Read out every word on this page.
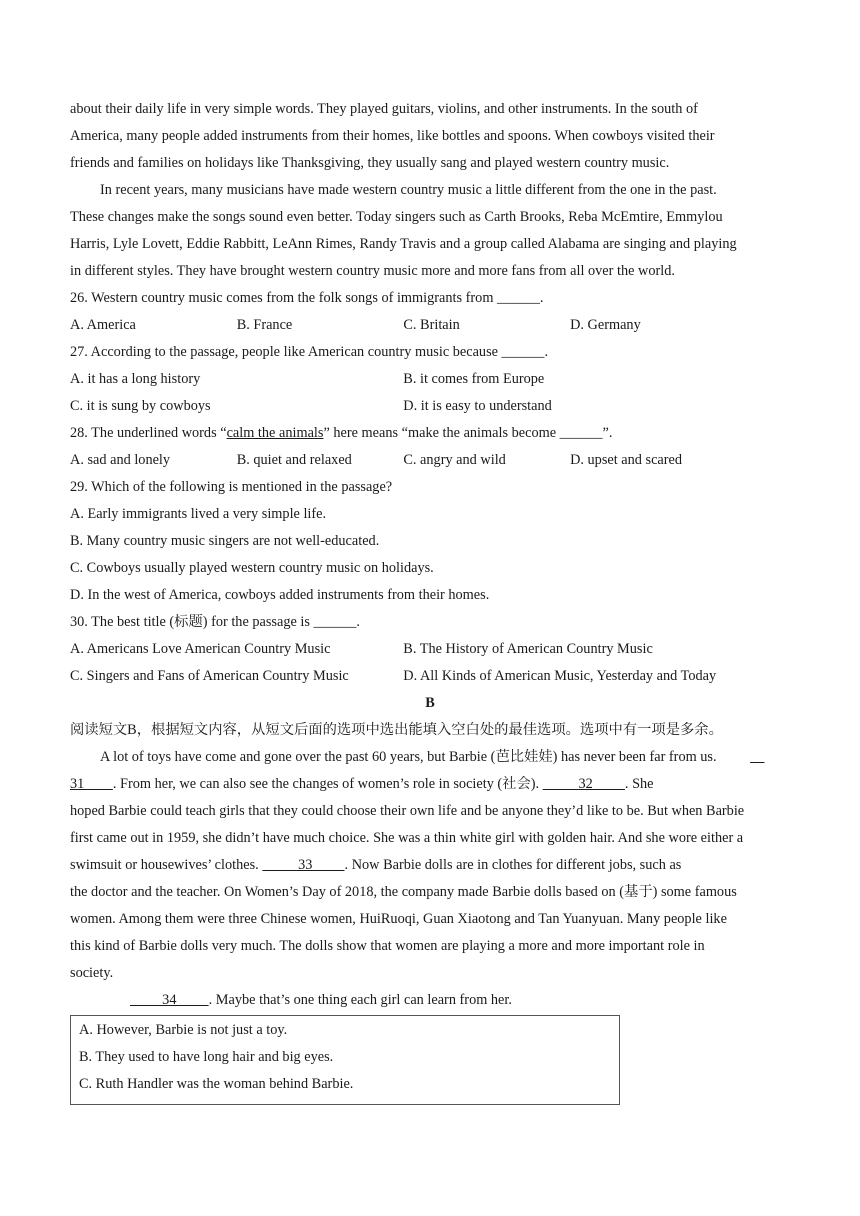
about their daily life in very simple words. They played guitars, violins, and other instruments. In the south of

America, many people added instruments from their homes, like bottles and spoons. When cowboys visited their

friends and families on holidays like Thanksgiving, they usually sang and played western country music.

In recent years, many musicians have made western country music a little different from the one in the past.

These changes make the songs sound even better. Today singers such as Carth Brooks, Reba McEmtire, Emmylou

Harris, Lyle Lovett, Eddie Rabbitt, LeAnn Rimes, Randy Travis and a group called Alabama are singing and playing

in different styles. They have brought western country music more and more fans from all over the world.

26. Western country music comes from the folk songs of immigrants from ______.

A. America	B. France	C. Britain	D. Germany

27. According to the passage, people like American country music because ______.

A. it has a long history	B. it comes from Europe
C. it is sung by cowboys	D. it is easy to understand

28. The underlined words “calm the animals” here means “make the animals become ______”.

A. sad and lonely	B. quiet and relaxed	C. angry and wild	D. upset and scared

29. Which of the following is mentioned in the passage?

A. Early immigrants lived a very simple life.

B. Many country music singers are not well-educated.

C. Cowboys usually played western country music on holidays.

D. In the west of America, cowboys added instruments from their homes.

30. The best title (标题) for the passage is ______.

A. Americans Love American Country Music	B. The History of American Country Music
C. Singers and Fans of American Country Music	D. All Kinds of American Music, Yesterday and Today
B

阅读短文B，根据短文内容，从短文后面的选项中选出能填入空白处的最佳选项。选项中有一项是多余。

A lot of toys have come and gone over the past 60 years, but Barbie (芭比娃娃) has never been far from us.

31        . From her, we can also see the changes of women’s role in society (社会).           32         . She

hoped Barbie could teach girls that they could choose their own life and be anyone they’d like to be. But when Barbie

first came out in 1959, she didn’t have much choice. She was a thin white girl with golden hair. And she wore either a

swimsuit or housewives’ clothes.           33         . Now Barbie dolls are in clothes for different jobs, such as

the doctor and the teacher. On Women’s Day of 2018, the company made Barbie dolls based on (基于) some famous

women. Among them were three Chinese women, HuiRuoqi, Guan Xiaotong and Tan Yuanyuan. Many people like

this kind of Barbie dolls very much. The dolls show that women are playing a more and more important role in

society.

34         . Maybe that’s one thing each girl can learn from her.

A. However, Barbie is not just a toy.

B. They used to have long hair and big eyes.

C. Ruth Handler was the woman behind Barbie.
